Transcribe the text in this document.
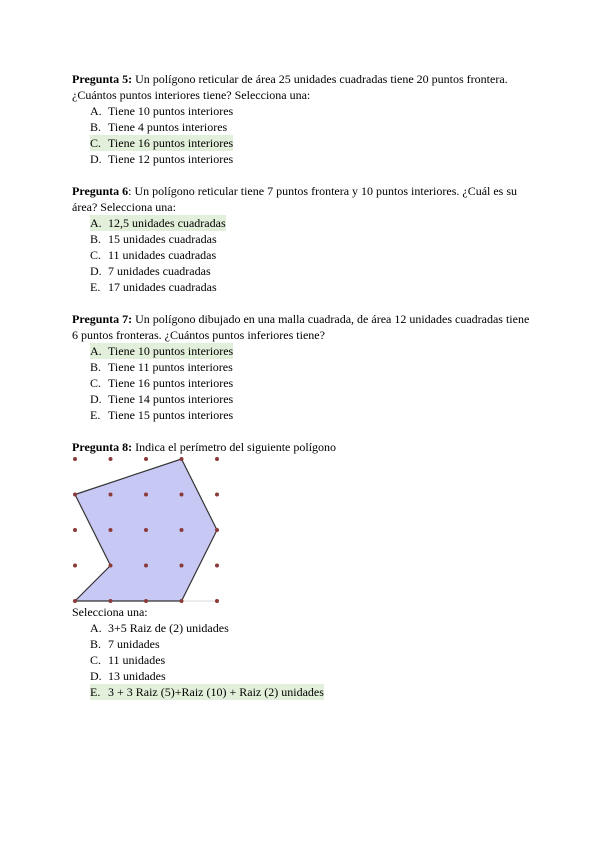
Pregunta 5: Un polígono reticular de área 25 unidades cuadradas tiene 20 puntos frontera. ¿Cuántos puntos interiores tiene? Selecciona una:
A. Tiene 10 puntos interiores
B. Tiene 4 puntos interiores
C. Tiene 16 puntos interiores
D. Tiene 12 puntos interiores
Pregunta 6: Un polígono reticular tiene 7 puntos frontera y 10 puntos interiores. ¿Cuál es su área? Selecciona una:
A. 12,5 unidades cuadradas
B. 15 unidades cuadradas
C. 11 unidades cuadradas
D. 7 unidades cuadradas
E. 17 unidades cuadradas
Pregunta 7: Un polígono dibujado en una malla cuadrada, de área 12 unidades cuadradas tiene 6 puntos fronteras. ¿Cuántos puntos inferiores tiene?
A. Tiene 10 puntos interiores
B. Tiene 11 puntos interiores
C. Tiene 16 puntos interiores
D. Tiene 14 puntos interiores
E. Tiene 15 puntos interiores
Pregunta 8: Indica el perímetro del siguiente polígono
Selecciona una:
A. 3+5 Raiz de (2) unidades
B. 7 unidades
C. 11 unidades
D. 13 unidades
E. 3 + 3 Raiz (5)+Raiz (10) + Raiz (2) unidades
